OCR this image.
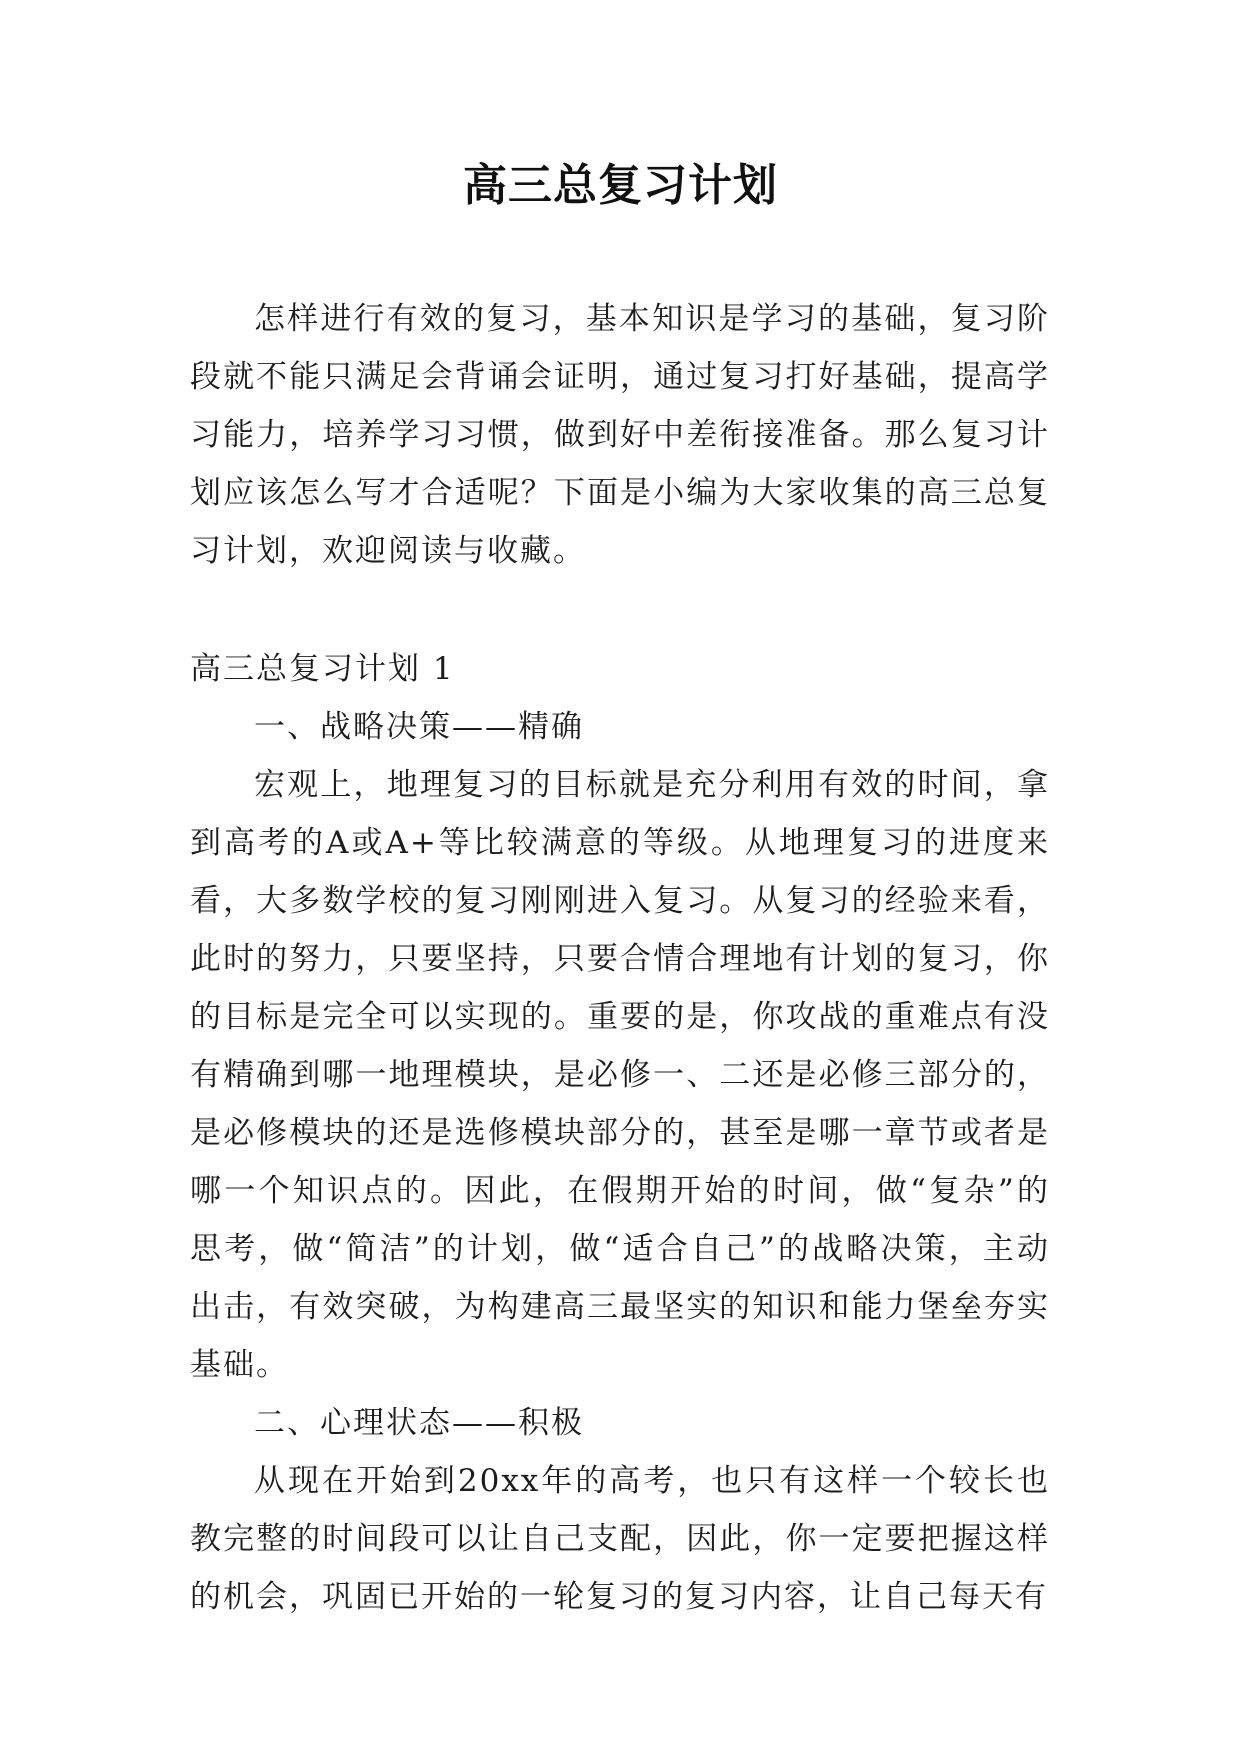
高三总复习计划

怎样进行有效的复习，基本知识是学习的基础，复习阶段就不能只满足会背诵会证明，通过复习打好基础，提高学习能力，培养学习习惯，做到好中差衔接准备。那么复习计划应该怎么写才合适呢？下面是小编为大家收集的高三总复习计划，欢迎阅读与收藏。

高三总复习计划 1

一、战略决策——精确

宏观上，地理复习的目标就是充分利用有效的时间，拿到高考的A或A+等比较满意的等级。从地理复习的进度来看，大多数学校的复习刚刚进入复习。从复习的经验来看，此时的努力，只要坚持，只要合情合理地有计划的复习，你的目标是完全可以实现的。重要的是，你攻战的重难点有没有精确到哪一地理模块，是必修一、二还是必修三部分的，是必修模块的还是选修模块部分的，甚至是哪一章节或者是哪一个知识点的。因此，在假期开始的时间，做“复杂”的思考，做“简洁”的计划，做“适合自己”的战略决策，主动出击，有效突破，为构建高三最坚实的知识和能力堡垒夯实基础。

二、心理状态——积极

从现在开始到20xx年的高考，也只有这样一个较长也教完整的时间段可以让自己支配，因此，你一定要把握这样的机会，巩固已开始的一轮复习的复习内容，让自己每天有
